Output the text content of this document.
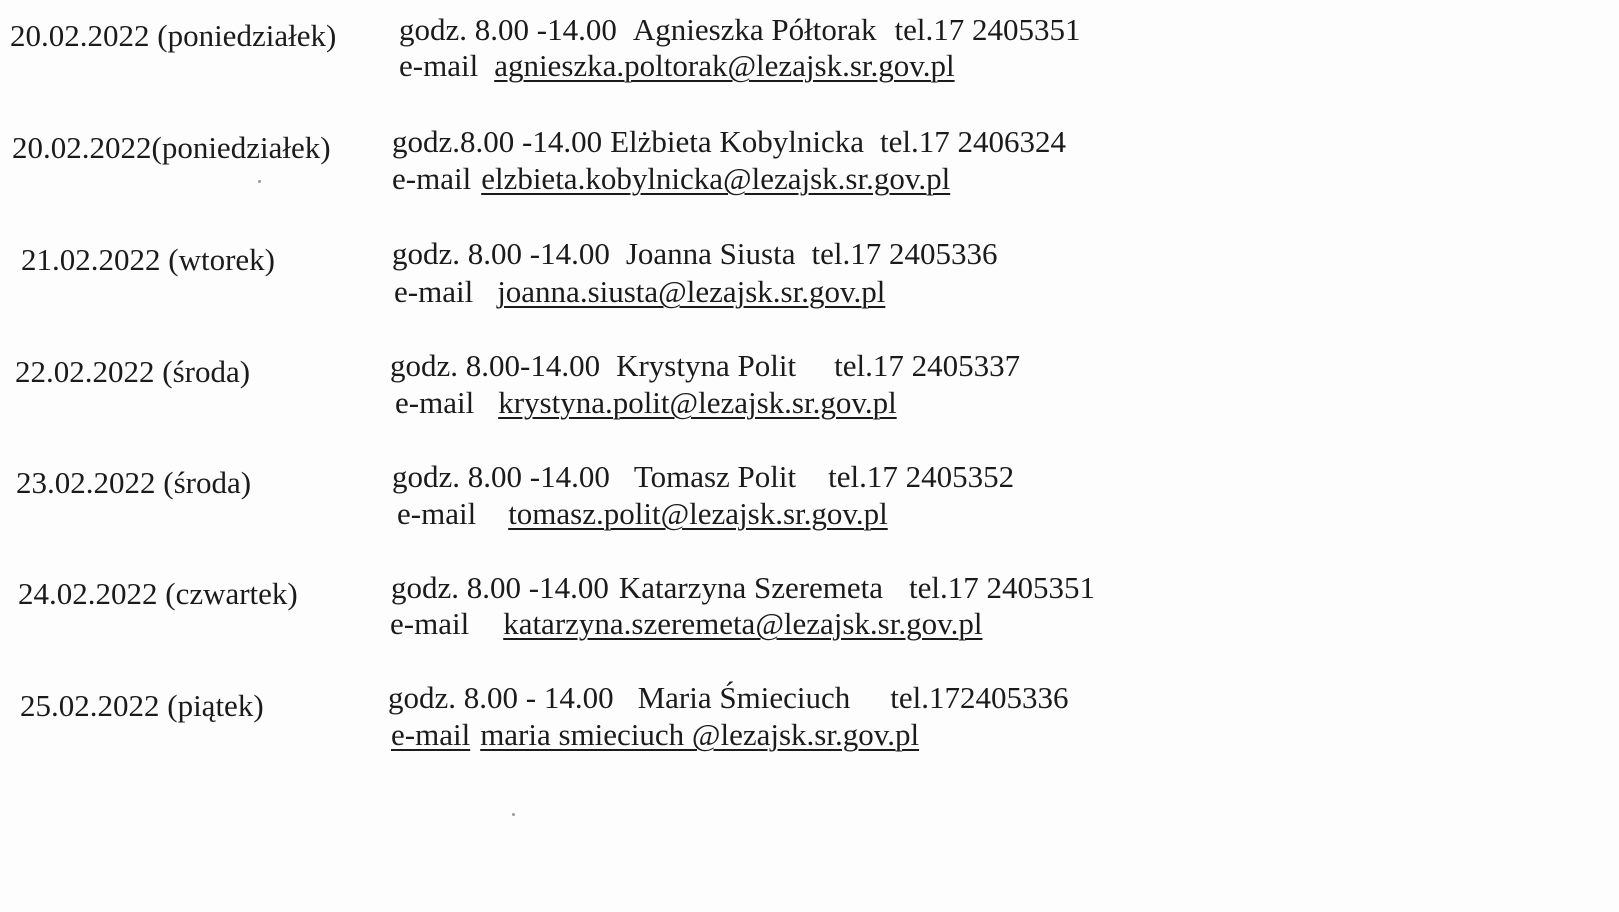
20.02.2022 (poniedziałek) godz. 8.00 -14.00 Agnieszka Półtorak tel.17 2405351
e-mail agnieszka.poltorak@lezajsk.sr.gov.pl
20.02.2022(poniedziałek) godz.8.00 -14.00 Elżbieta Kobylnicka tel.17 2406324
e-mail elzbieta.kobylnicka@lezajsk.sr.gov.pl
21.02.2022 (wtorek)	godz. 8.00 -14.00 Joanna Siusta tel.17 2405336
e-mail joanna.siusta@lezajsk.sr.gov.pl
22.02.2022 (środa)	godz. 8.00-14.00 Krystyna Polit tel.17 2405337
e-mail krystyna.polit@lezajsk.sr.gov.pl
23.02.2022 (środa)	godz. 8.00 -14.00 Tomasz Polit tel.17 2405352
e-mail tomasz.polit@lezajsk.sr.gov.pl
24.02.2022 (czwartek)	godz. 8.00 -14.00 Katarzyna Szeremeta tel.17 2405351
e-mail katarzyna.szeremeta@lezajsk.sr.gov.pl
25.02.2022 (piątek)	godz. 8.00 - 14.00 Maria Śmieciuch tel.172405336
e-mail maria smieciuch @lezajsk.sr.gov.pl
